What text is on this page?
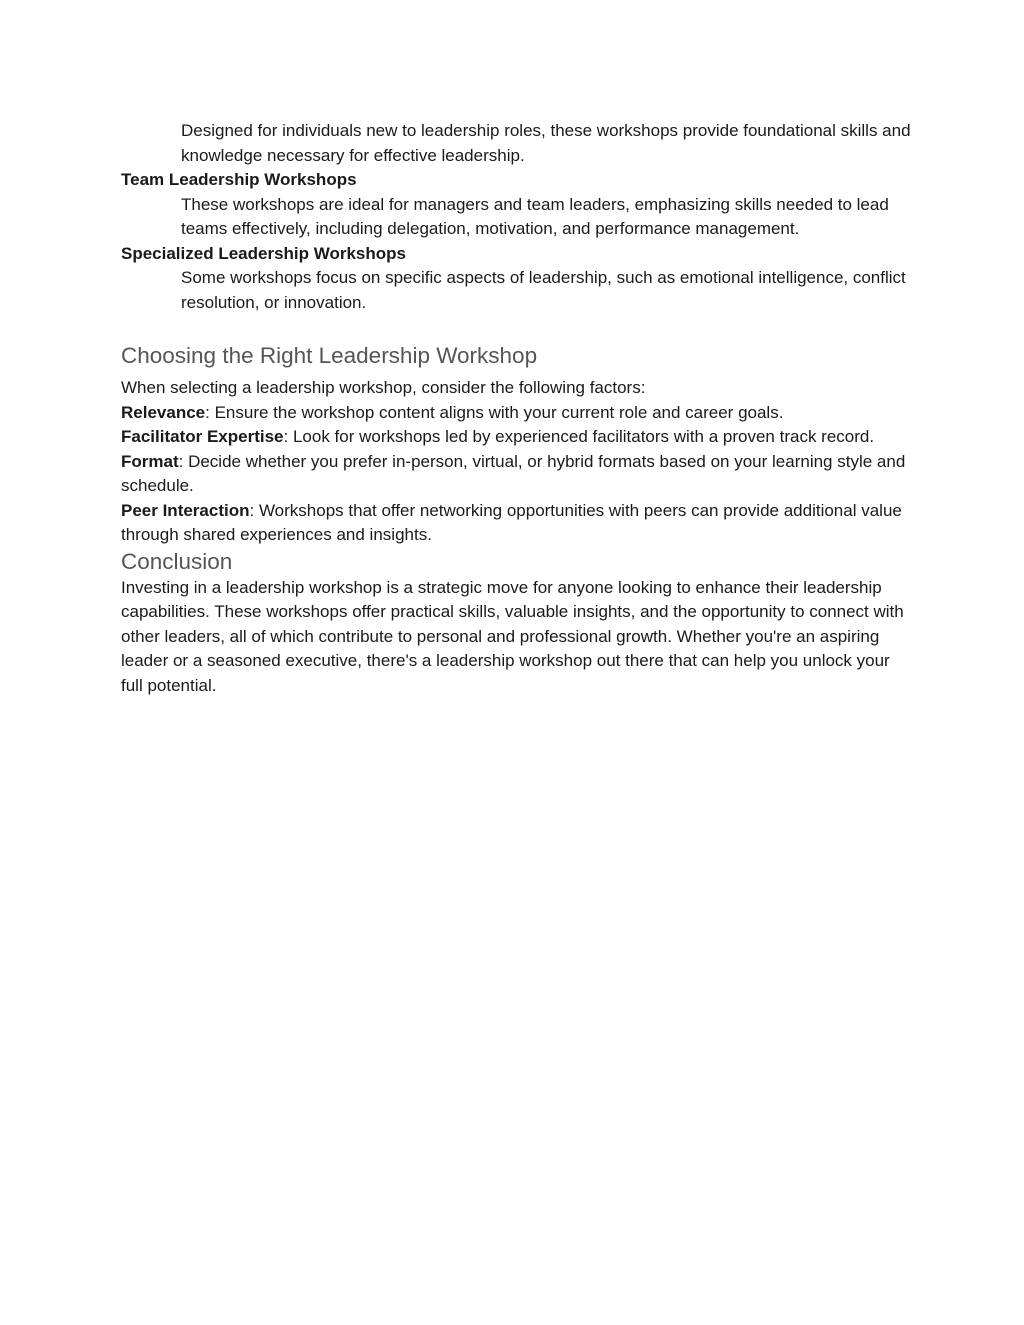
Designed for individuals new to leadership roles, these workshops provide foundational skills and knowledge necessary for effective leadership.

Team Leadership Workshops

These workshops are ideal for managers and team leaders, emphasizing skills needed to lead teams effectively, including delegation, motivation, and performance management.

Specialized Leadership Workshops

Some workshops focus on specific aspects of leadership, such as emotional intelligence, conflict resolution, or innovation.

Choosing the Right Leadership Workshop

When selecting a leadership workshop, consider the following factors:

Relevance: Ensure the workshop content aligns with your current role and career goals.

Facilitator Expertise: Look for workshops led by experienced facilitators with a proven track record.

Format: Decide whether you prefer in-person, virtual, or hybrid formats based on your learning style and schedule.

Peer Interaction: Workshops that offer networking opportunities with peers can provide additional value through shared experiences and insights.

Conclusion

Investing in a leadership workshop is a strategic move for anyone looking to enhance their leadership capabilities. These workshops offer practical skills, valuable insights, and the opportunity to connect with other leaders, all of which contribute to personal and professional growth. Whether you're an aspiring leader or a seasoned executive, there's a leadership workshop out there that can help you unlock your full potential.
